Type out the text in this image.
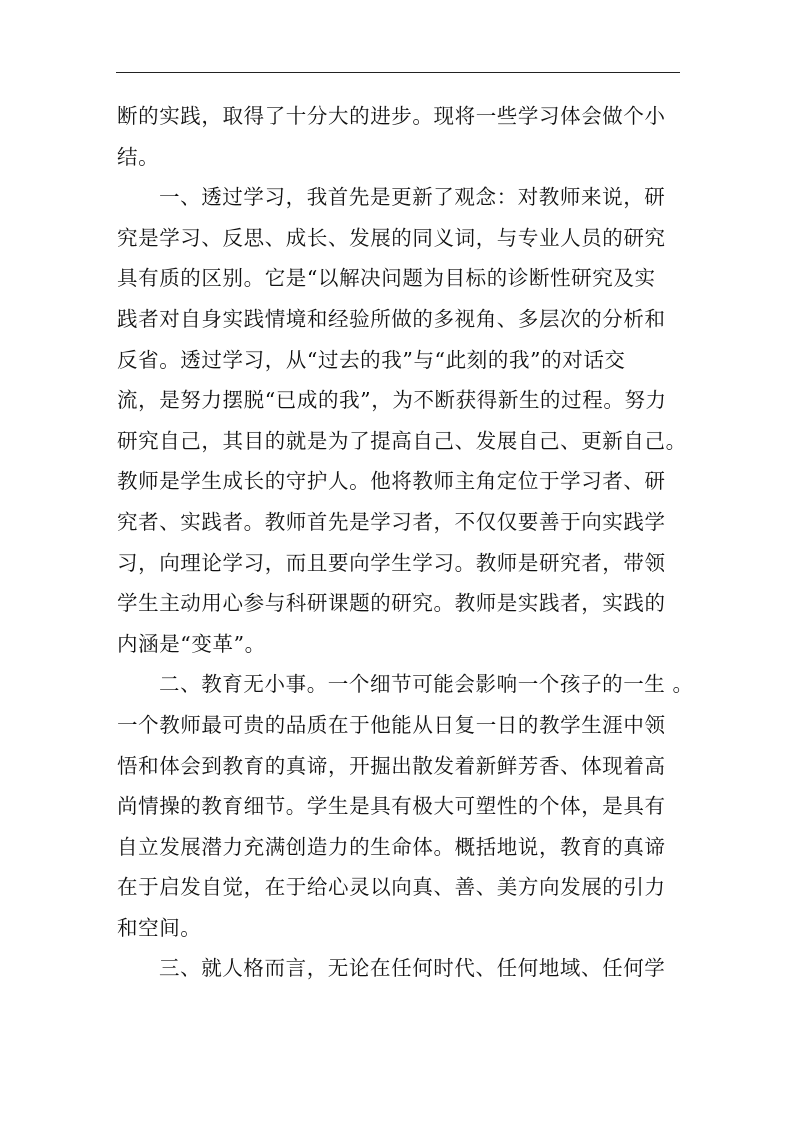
断的实践，取得了十分大的进步。现将一些学习体会做个小
结。
一、透过学习，我首先是更新了观念：对教师来说，研
究是学习、反思、成长、发展的同义词，与专业人员的研究
具有质的区别。它是“以解决问题为目标的诊断性研究及实
践者对自身实践情境和经验所做的多视角、多层次的分析和
反省。透过学习，从“过去的我”与“此刻的我”的对话交
流，是努力摆脱“已成的我”，为不断获得新生的过程。努力
研究自己，其目的就是为了提高自己、发展自己、更新自己。
教师是学生成长的守护人。他将教师主角定位于学习者、研
究者、实践者。教师首先是学习者，不仅仅要善于向实践学
习，向理论学习，而且要向学生学习。教师是研究者，带领
学生主动用心参与科研课题的研究。教师是实践者，实践的
内涵是“变革”。
二、教育无小事。一个细节可能会影响一个孩子的一生 。
一个教师最可贵的品质在于他能从日复一日的教学生涯中领
悟和体会到教育的真谛，开掘出散发着新鲜芳香、体现着高
尚情操的教育细节。学生是具有极大可塑性的个体，是具有
自立发展潜力充满创造力的生命体。概括地说，教育的真谛
在于启发自觉，在于给心灵以向真、善、美方向发展的引力
和空间。
三、就人格而言，无论在任何时代、任何地域、任何学
